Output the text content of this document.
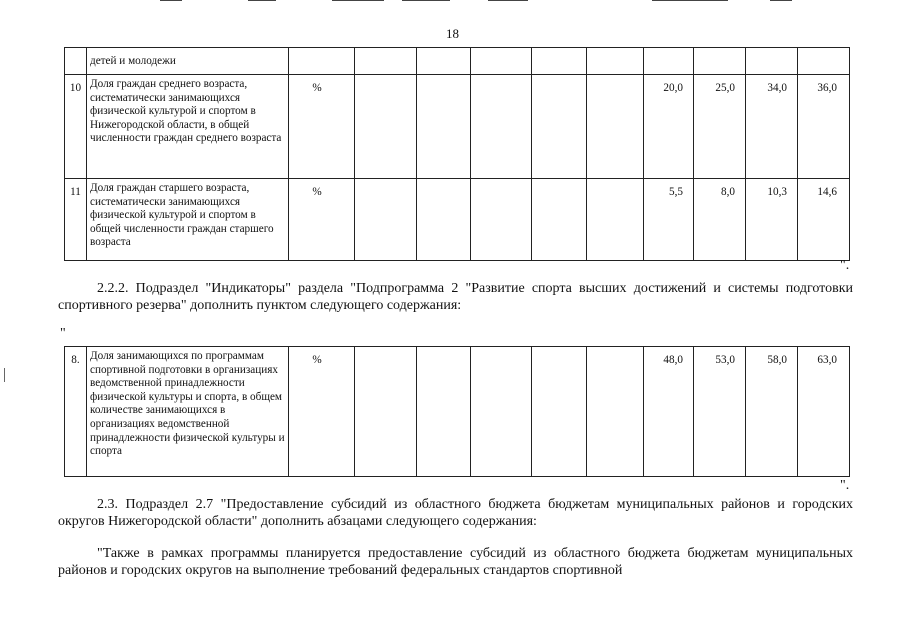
18
	детей и молодежи										
10	Доля граждан среднего возраста, систематически занимающихся физической культурой и спортом в Нижегородской области, в общей численности граждан среднего возраста	%						20,0	25,0	34,0	36,0
11	Доля граждан старшего возраста, систематически занимающихся физической культурой и спортом в общей численности граждан старшего возраста	%						5,5	8,0	10,3	14,6
".
2.2.2. Подраздел "Индикаторы" раздела "Подпрограмма 2 "Развитие спорта высших достижений и системы подготовки спортивного резерва" дополнить пунктом следующего содержания:
"
8.	Доля занимающихся по программам спортивной подготовки в организациях ведомственной принадлежности физической культуры и спорта, в общем количестве занимающихся в организациях ведомственной принадлежности физической культуры и спорта	%						48,0	53,0	58,0	63,0
".
2.3. Подраздел 2.7 "Предоставление субсидий из областного бюджета бюджетам муниципальных районов и городских округов Нижегородской области" дополнить абзацами следующего содержания:
"Также в рамках программы планируется предоставление субсидий из областного бюджета бюджетам муниципальных районов и городских округов на выполнение требований федеральных стандартов спортивной
